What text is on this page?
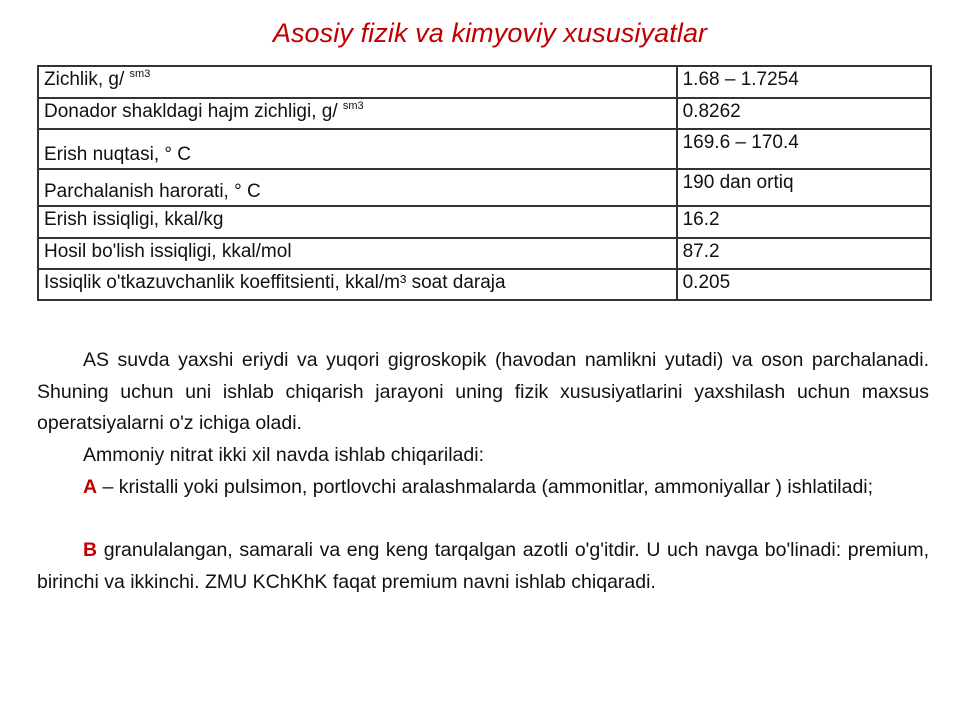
Asosiy fizik va kimyoviy xususiyatlar
Zichlik, g/ $^{sm3}$	1.68 – 1.7254
Donador shakldagi hajm zichligi, g/ $^{sm3}$	0.8262
Erish nuqtasi, ° C	169.6 – 170.4
Parchalanish harorati, ° C	190 dan ortiq
Erish issiqligi, kkal/kg	16.2
Hosil bo'lish issiqligi, kkal/mol	87.2
Issiqlik o'tkazuvchanlik koeffitsienti, kkal/m³ soat daraja	0.205
AS suvda yaxshi eriydi va yuqori gigroskopik (havodan namlikni yutadi) va oson parchalanadi. Shuning uchun uni ishlab chiqarish jarayoni uning fizik xususiyatlarini yaxshilash uchun maxsus operatsiyalarni o'z ichiga oladi.
Ammoniy nitrat ikki xil navda ishlab chiqariladi:
A – kristalli yoki pulsimon, portlovchi aralashmalarda (ammonitlar, ammoniyallar ) ishlatiladi;
B granulalangan, samarali va eng keng tarqalgan azotli o'g'itdir. U uch navga bo'linadi: premium, birinchi va ikkinchi. ZMU KChKhK faqat premium navni ishlab chiqaradi.
